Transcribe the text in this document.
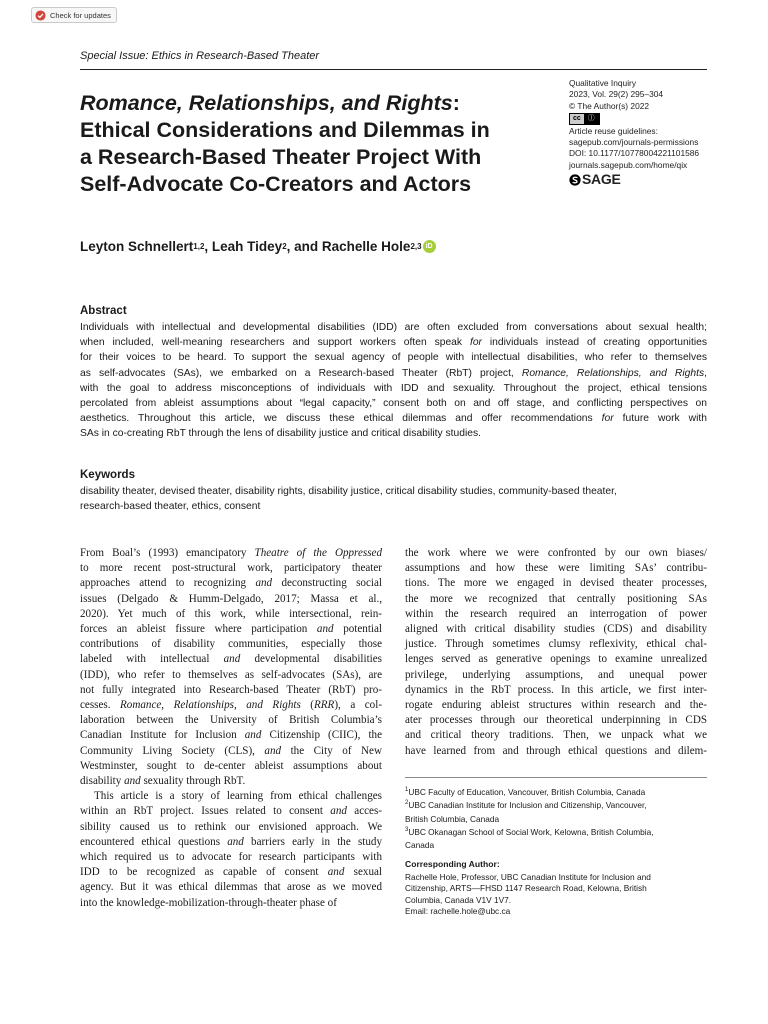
Check for updates
Special Issue: Ethics in Research-Based Theater
Romance, Relationships, and Rights:
Ethical Considerations and Dilemmas in
a Research-Based Theater Project With
Self-Advocate Co-Creators and Actors
Qualitative Inquiry
2023, Vol. 29(2) 295–304
© The Author(s) 2022
cc	Ⓘ
Article reuse guidelines:
sagepub.com/journals-permissions
DOI: 10.1177/10778004221101586
journals.sagepub.com/home/qix
SAGE
Leyton Schnellert 1,2 , Leah Tidey 2 , and Rachelle Hole 2,3 iD
Abstract
Individuals with intellectual and developmental disabilities (IDD) are often excluded from conversations about sexual health;
when included, well-meaning researchers and support workers often speak for individuals instead of creating opportunities
for their voices to be heard. To support the sexual agency of people with intellectual disabilities, who refer to themselves
as self-advocates (SAs), we embarked on a Research-based Theater (RbT) project, Romance, Relationships, and Rights,
with the goal to address misconceptions of individuals with IDD and sexuality. Throughout the project, ethical tensions
percolated from ableist assumptions about “legal capacity,” consent both on and off stage, and conflicting perspectives on
aesthetics. Throughout this article, we discuss these ethical dilemmas and offer recommendations for future work with
SAs in co-creating RbT through the lens of disability justice and critical disability studies.
Keywords
disability theater, devised theater, disability rights, disability justice, critical disability studies, community-based theater,
research-based theater, ethics, consent
From Boal’s (1993) emancipatory Theatre of the Oppressed
to more recent post-structural work, participatory theater
approaches attend to recognizing and deconstructing social
issues (Delgado & Humm-Delgado, 2017; Massa et al.,
2020). Yet much of this work, while intersectional, rein-
forces an ableist fissure where participation and potential
contributions of disability communities, especially those
labeled with intellectual and developmental disabilities
(IDD), who refer to themselves as self-advocates (SAs), are
not fully integrated into Research-based Theater (RbT) pro-
cesses. Romance, Relationships, and Rights (RRR), a col-
laboration between the University of British Columbia’s
Canadian Institute for Inclusion and Citizenship (CIIC), the
Community Living Society (CLS), and the City of New
Westminster, sought to de-center ableist assumptions about
disability and sexuality through RbT.
This article is a story of learning from ethical challenges
within an RbT project. Issues related to consent and acces-
sibility caused us to rethink our envisioned approach. We
encountered ethical questions and barriers early in the study
which required us to advocate for research participants with
IDD to be recognized as capable of consent and sexual
agency. But it was ethical dilemmas that arose as we moved
into the knowledge-mobilization-through-theater phase of
the work where we were confronted by our own biases/
assumptions and how these were limiting SAs’ contribu-
tions. The more we engaged in devised theater processes,
the more we recognized that centrally positioning SAs
within the research required an interrogation of power
aligned with critical disability studies (CDS) and disability
justice. Through sometimes clumsy reflexivity, ethical chal-
lenges served as generative openings to examine unrealized
privilege, underlying assumptions, and unequal power
dynamics in the RbT process. In this article, we first inter-
rogate enduring ableist structures within research and the-
ater processes through our theoretical underpinning in CDS
and critical theory traditions. Then, we unpack what we
have learned from and through ethical questions and dilem-
$^1$UBC Faculty of Education, Vancouver, British Columbia, Canada
$^2$UBC Canadian Institute for Inclusion and Citizenship, Vancouver,
British Columbia, Canada
$^3$UBC Okanagan School of Social Work, Kelowna, British Columbia,
Canada
Corresponding Author:
Rachelle Hole, Professor, UBC Canadian Institute for Inclusion and
Citizenship, ARTS—FHSD 1147 Research Road, Kelowna, British
Columbia, Canada V1V 1V7.
Email: rachelle.hole@ubc.ca
